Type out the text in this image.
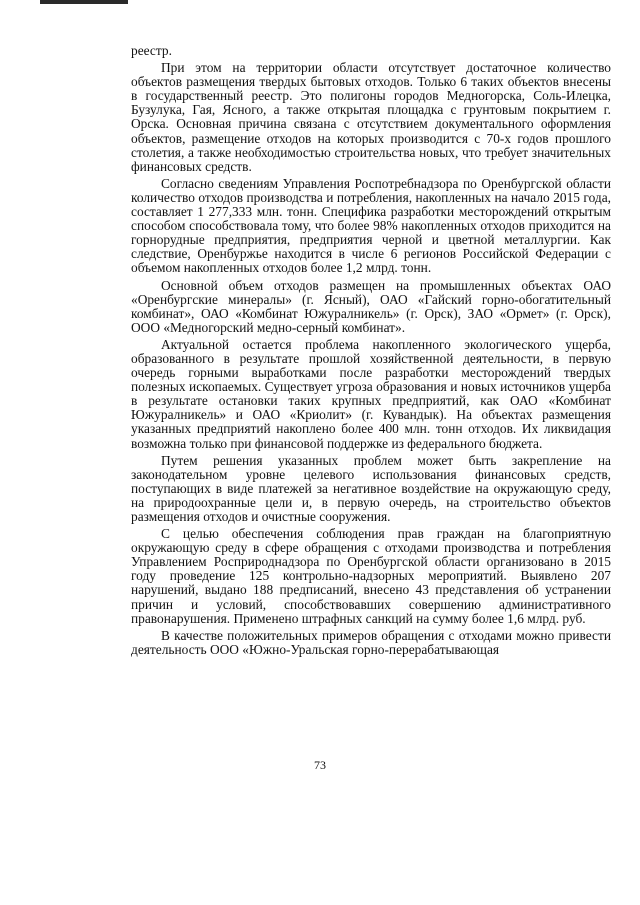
реестр.

При этом на территории области отсутствует достаточное количество объектов размещения твердых бытовых отходов. Только 6 таких объектов внесены в государственный реестр. Это полигоны городов Медногорска, Соль-Илецка, Бузулука, Гая, Ясного, а также открытая площадка с грунтовым покрытием г. Орска. Основная причина связана с отсутствием документального оформления объектов, размещение отходов на которых производится с 70-х годов прошлого столетия, а также необходимостью строительства новых, что требует значительных финансовых средств.

Согласно сведениям Управления Роспотребнадзора по Оренбургской области количество отходов производства и потребления, накопленных на начало 2015 года, составляет 1 277,333 млн. тонн. Специфика разработки месторождений открытым способом способствовала тому, что более 98% накопленных отходов приходится на горнорудные предприятия, предприятия черной и цветной металлургии. Как следствие, Оренбуржье находится в числе 6 регионов Российской Федерации с объемом накопленных отходов более 1,2 млрд. тонн.

Основной объем отходов размещен на промышленных объектах ОАО «Оренбургские минералы» (г. Ясный), ОАО «Гайский горно-обогатительный комбинат», ОАО «Комбинат Южуралникель» (г. Орск), ЗАО «Ормет» (г. Орск), ООО «Медногорский медно-серный комбинат».

Актуальной остается проблема накопленного экологического ущерба, образованного в результате прошлой хозяйственной деятельности, в первую очередь горными выработками после разработки месторождений твердых полезных ископаемых. Существует угроза образования и новых источников ущерба в результате остановки таких крупных предприятий, как ОАО «Комбинат Южуралникель» и ОАО «Криолит» (г. Кувандык). На объектах размещения указанных предприятий накоплено более 400 млн. тонн отходов. Их ликвидация возможна только при финансовой поддержке из федерального бюджета.

Путем решения указанных проблем может быть закрепление на законодательном уровне целевого использования финансовых средств, поступающих в виде платежей за негативное воздействие на окружающую среду, на природоохранные цели и, в первую очередь, на строительство объектов размещения отходов и очистные сооружения.

С целью обеспечения соблюдения прав граждан на благоприятную окружающую среду в сфере обращения с отходами производства и потребления Управлением Росприроднадзора по Оренбургской области организовано в 2015 году проведение 125 контрольно-надзорных мероприятий. Выявлено 207 нарушений, выдано 188 предписаний, внесено 43 представления об устранении причин и условий, способствовавших совершению административного правонарушения. Применено штрафных санкций на сумму более 1,6 млрд. руб.

В качестве положительных примеров обращения с отходами можно привести деятельность ООО «Южно-Уральская горно-перерабатывающая

73
